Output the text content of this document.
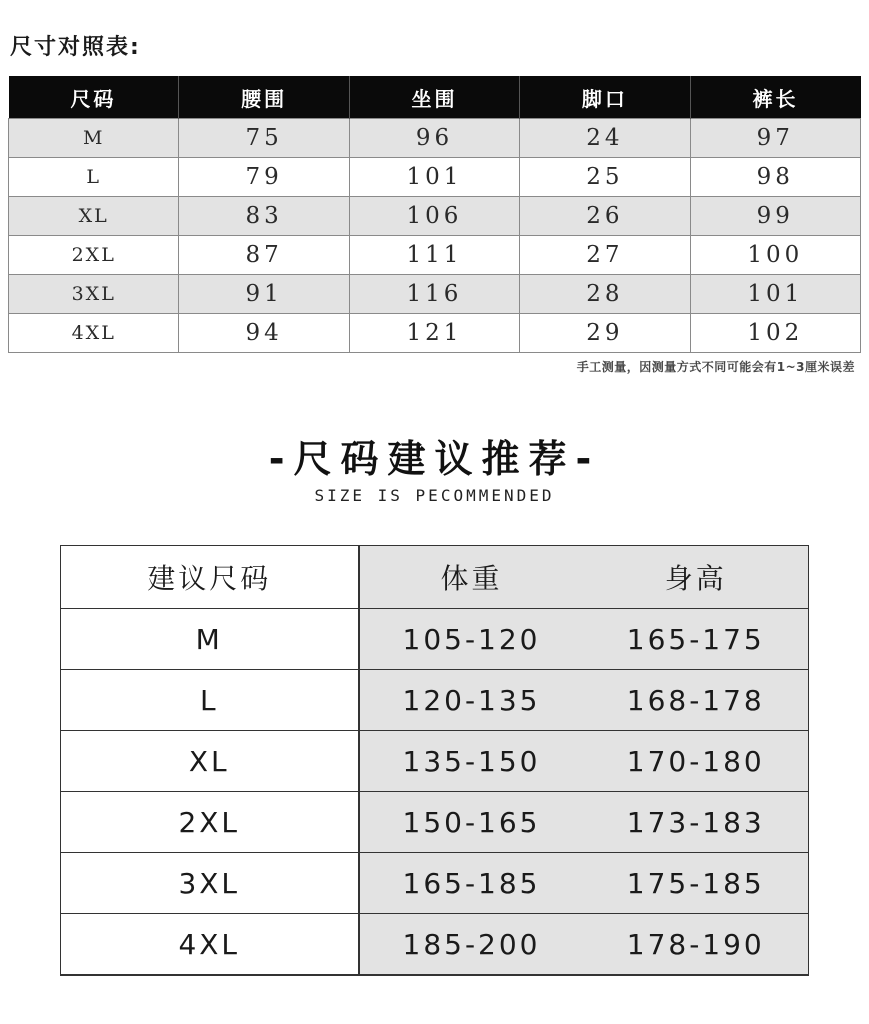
尺寸对照表:
尺码	腰围	坐围	脚口	裤长
M	75	96	24	97
L	79	101	25	98
XL	83	106	26	99
2XL	87	111	27	100
3XL	91	116	28	101
4XL	94	121	29	102
手工测量，因测量方式不同可能会有1~3厘米误差
-尺码建议推荐-
SIZE IS PECOMMENDED
建议尺码	体重	身高
M	105-120	165-175
L	120-135	168-178
XL	135-150	170-180
2XL	150-165	173-183
3XL	165-185	175-185
4XL	185-200	178-190
